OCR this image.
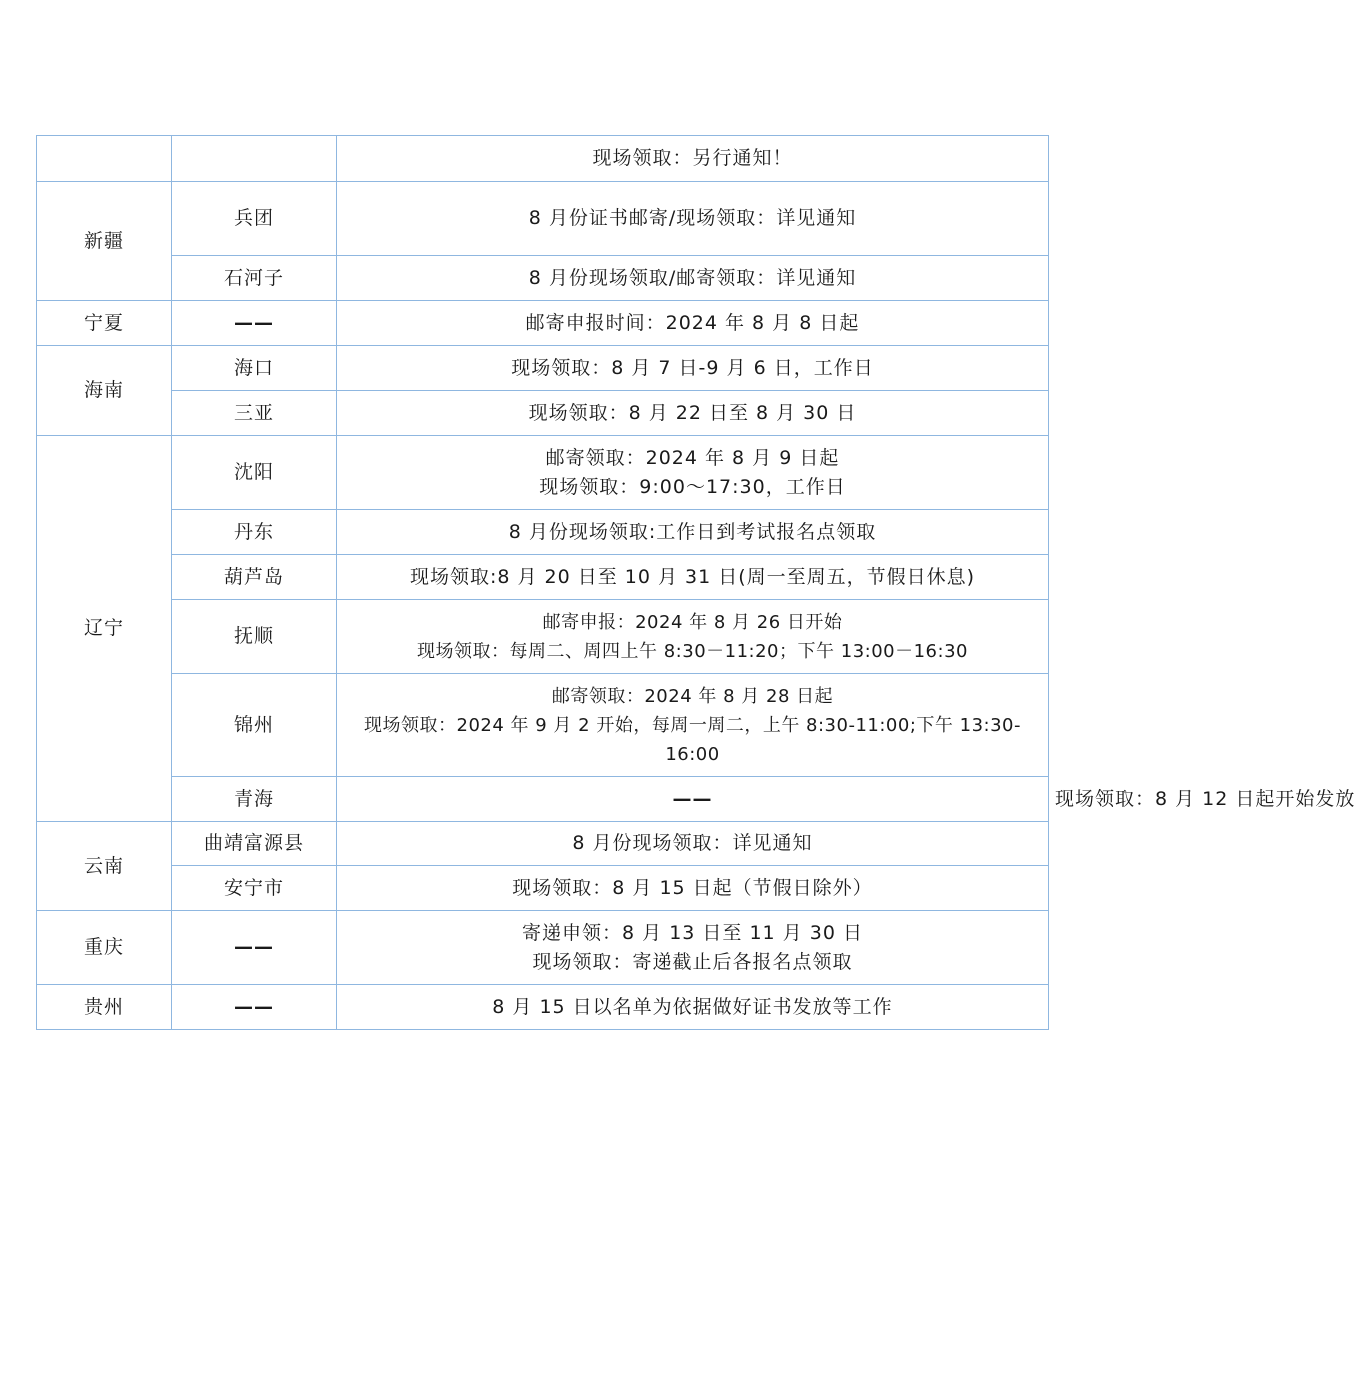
		现场领取：另行通知！	

新疆	兵团	8 月份证书邮寄/现场领取：详见通知	

	石河子	8 月份现场领取/邮寄领取：详见通知	

宁夏	——	邮寄申报时间：2024 年 8 月 8 日起	

海南	海口	现场领取：8 月 7 日-9 月 6 日，工作日	

	三亚	现场领取：8 月 22 日至 8 月 30 日	

辽宁	沈阳	邮寄领取：2024 年 8 月 9 日起
现场领取：9:00～17:30，工作日	

	丹东	8 月份现场领取:工作日到考试报名点领取	

	葫芦岛	现场领取:8 月 20 日至 10 月 31 日(周一至周五，节假日休息)	

	抚顺	邮寄申报：2024 年 8 月 26 日开始
现场领取：每周二、周四上午 8:30－11:20；下午 13:00－16:30	

	锦州	邮寄领取：2024 年 8 月 28 日起
现场领取：2024 年 9 月 2 开始，每周一周二，上午 8:30-11:00;下午 13:30-16:00	

	青海	——	现场领取：8 月 12 日起开始发放

云南	曲靖富源县	8 月份现场领取：详见通知	

	安宁市	现场领取：8 月 15 日起（节假日除外）	

重庆	——	寄递申领：8 月 13 日至 11 月 30 日
现场领取：寄递截止后各报名点领取	

贵州	——	8 月 15 日以名单为依据做好证书发放等工作	
